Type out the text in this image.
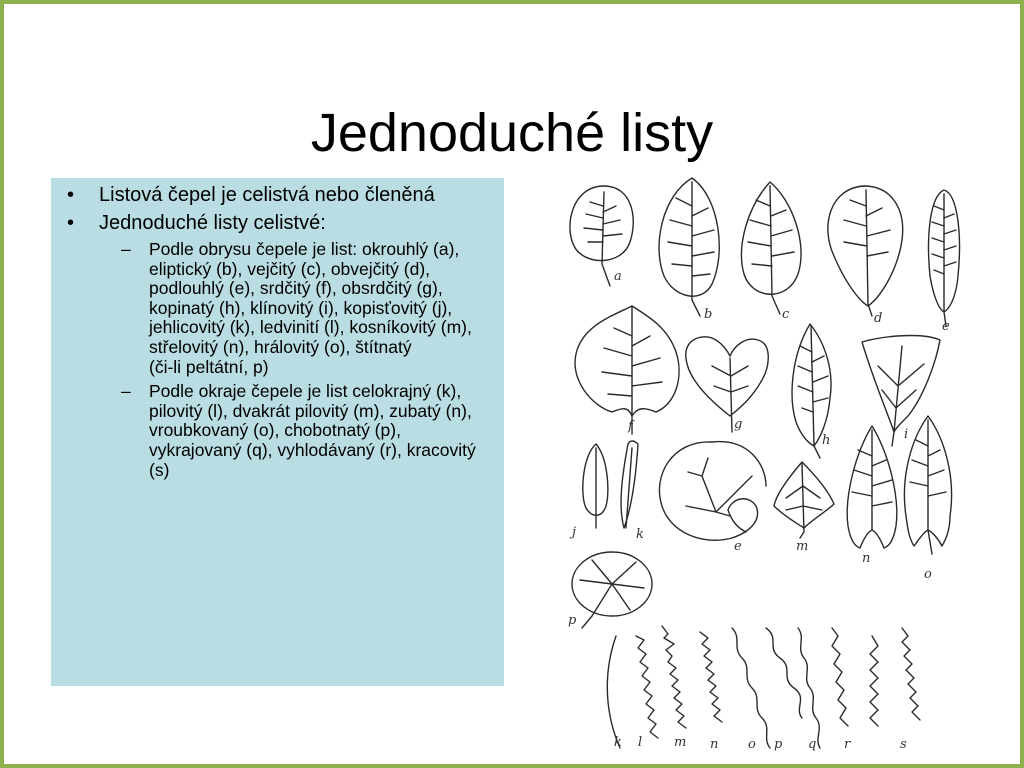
Jednoduché listy
• Listová čepel je celistvá nebo členěná
• Jednoduché listy celistvé:
– Podle obrysu čepele je list: okrouhlý (a), eliptický (b), vejčitý (c), obvejčitý (d), podlouhlý (e), srdčitý (f), obsrdčitý (g), kopinatý (h), klínovitý (i), kopisťovitý (j), jehlicovitý (k), ledvinití (l), kosníkovitý (m), střelovitý (n), hrálovitý (o), štítnatý
(či-li peltátní, p)
– Podle okraje čepele je list celokrajný (k), pilovitý (l), dvakrát pilovitý (m), zubatý (n), vroubkovaný (o), chobotnatý (p), vykrajovaný (q), vyhlodávaný (r), kracovitý (s)
a
b	c	d
e
f	g
h	i
j	k
e	m
n
o
p
k l m n o p q r	s
